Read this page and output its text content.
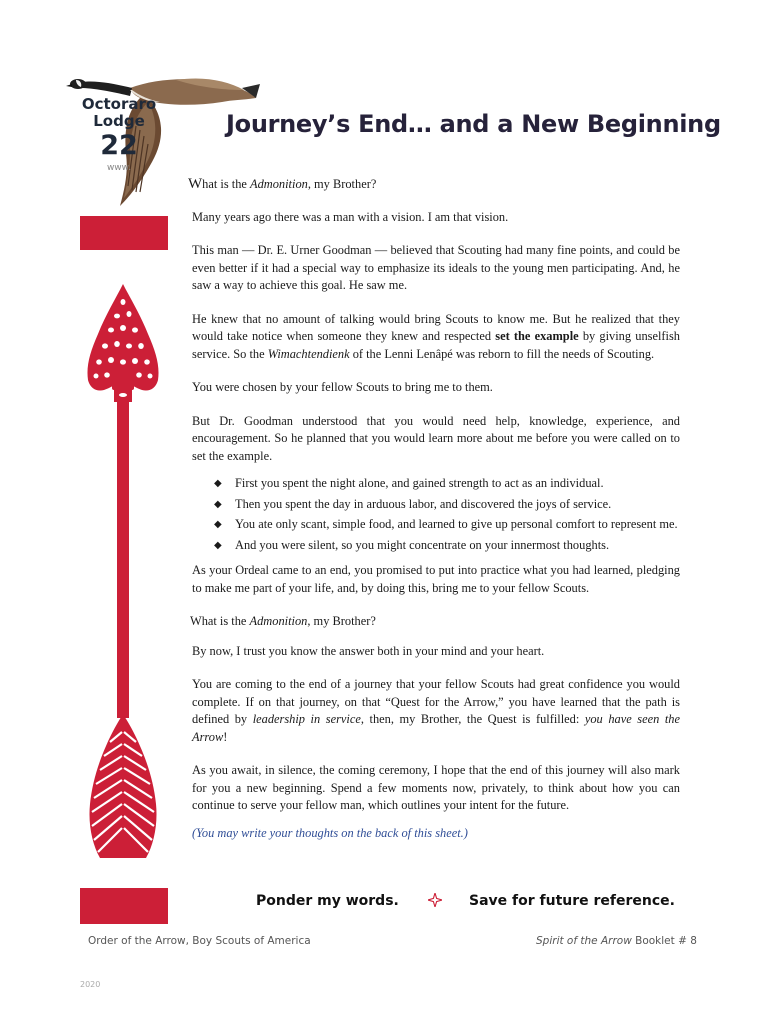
Octoraro
Lodge
22
www.
Journey’s End… and a New Beginning

What is the Admonition, my Brother?

Many years ago there was a man with a vision. I am that vision.

This man — Dr. E. Urner Goodman — believed that Scouting had many fine points, and could be even better if it had a special way to emphasize its ideals to the young men participating. And, he saw a way to achieve this goal. He saw me.

He knew that no amount of talking would bring Scouts to know me. But he realized that they would take notice when someone they knew and respected set the example by giving unselfish service. So the Wimachtendienk of the Lenni Lenâpé was reborn to fill the needs of Scouting.

You were chosen by your fellow Scouts to bring me to them.

But Dr. Goodman understood that you would need help, knowledge, experience, and encouragement. So he planned that you would learn more about me before you were called on to set the example.

◆ First you spent the night alone, and gained strength to act as an individual.
◆ Then you spent the day in arduous labor, and discovered the joys of service.
◆ You ate only scant, simple food, and learned to give up personal comfort to represent me.
◆ And you were silent, so you might concentrate on your innermost thoughts.

As your Ordeal came to an end, you promised to put into practice what you had learned, pledging to make me part of your life, and, by doing this, bring me to your fellow Scouts.

What is the Admonition, my Brother?

By now, I trust you know the answer both in your mind and your heart.

You are coming to the end of a journey that your fellow Scouts had great confidence you would complete. If on that journey, on that “Quest for the Arrow,” you have learned that the path is defined by leadership in service, then, my Brother, the Quest is fulfilled: you have seen the Arrow!

As you await, in silence, the coming ceremony, I hope that the end of this journey will also mark for you a new beginning. Spend a few moments now, privately, to think about how you can continue to serve your fellow man, which outlines your intent for the future.

(You may write your thoughts on the back of this sheet.)

Ponder my words.	Save for future reference.
Order of the Arrow, Boy Scouts of America	Spirit of the Arrow Booklet # 8
2020
